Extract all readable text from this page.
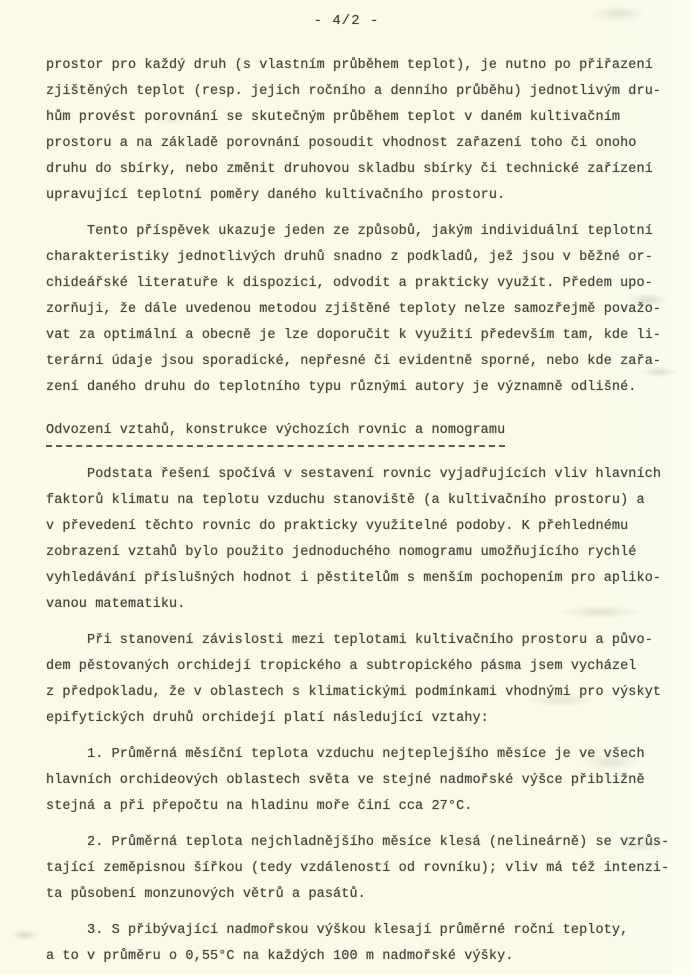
- 4/2 -
prostor pro každý druh (s vlastním průběhem teplot), je nutno po přiřazení
zjištěných teplot (resp. jejich ročního a denního průběhu) jednotlivým dru-
hům provést porovnání se skutečným průběhem teplot v daném kultivačním
prostoru a na základě porovnání posoudit vhodnost zařazení toho či onoho
druhu do sbírky, nebo změnit druhovou skladbu sbírky či technické zařízení
upravující teplotní poměry daného kultivačního prostoru.
Tento příspěvek ukazuje jeden ze způsobů, jakým individuální teplotní
charakteristiky jednotlivých druhů snadno z podkladů, jež jsou v běžné or-
chideářské literatuře k dispozici, odvodit a prakticky využít. Předem upo-
zorňuji, že dále uvedenou metodou zjištěné teploty nelze samozřejmě považo-
vat za optimální a obecně je lze doporučit k využití především tam, kde li-
terární údaje jsou sporadické, nepřesné či evidentně sporné, nebo kde zařa-
zení daného druhu do teplotního typu různými autory je významně odlišné.
Odvození vztahů, konstrukce výchozích rovnic a nomogramu
Podstata řešení spočívá v sestavení rovnic vyjadřujících vliv hlavních
faktorů klimatu na teplotu vzduchu stanoviště (a kultivačního prostoru) a
v převedení těchto rovnic do prakticky využitelné podoby. K přehlednému
zobrazení vztahů bylo použito jednoduchého nomogramu umožňujícího rychlé
vyhledávání příslušných hodnot i pěstitelům s menším pochopením pro apliko-
vanou matematiku.
Při stanovení závislosti mezi teplotami kultivačního prostoru a půvo-
dem pěstovaných orchidejí tropického a subtropického pásma jsem vycházel
z předpokladu, že v oblastech s klimatickými podmínkami vhodnými pro výskyt
epifytických druhů orchidejí platí následující vztahy:
1. Průměrná měsíční teplota vzduchu nejteplejšího měsíce je ve všech
hlavních orchideových oblastech světa ve stejné nadmořské výšce přibližně
stejná a při přepočtu na hladinu moře činí cca 27°C.
2. Průměrná teplota nejchladnějšího měsíce klesá (nelineárně) se vzrůs-
tající zeměpisnou šířkou (tedy vzdáleností od rovníku); vliv má též intenzi-
ta působení monzunových větrů a pasátů.
3. S přibývající nadmořskou výškou klesají průměrné roční teploty,
a to v průměru o 0,55°C na každých 100 m nadmořské výšky.
